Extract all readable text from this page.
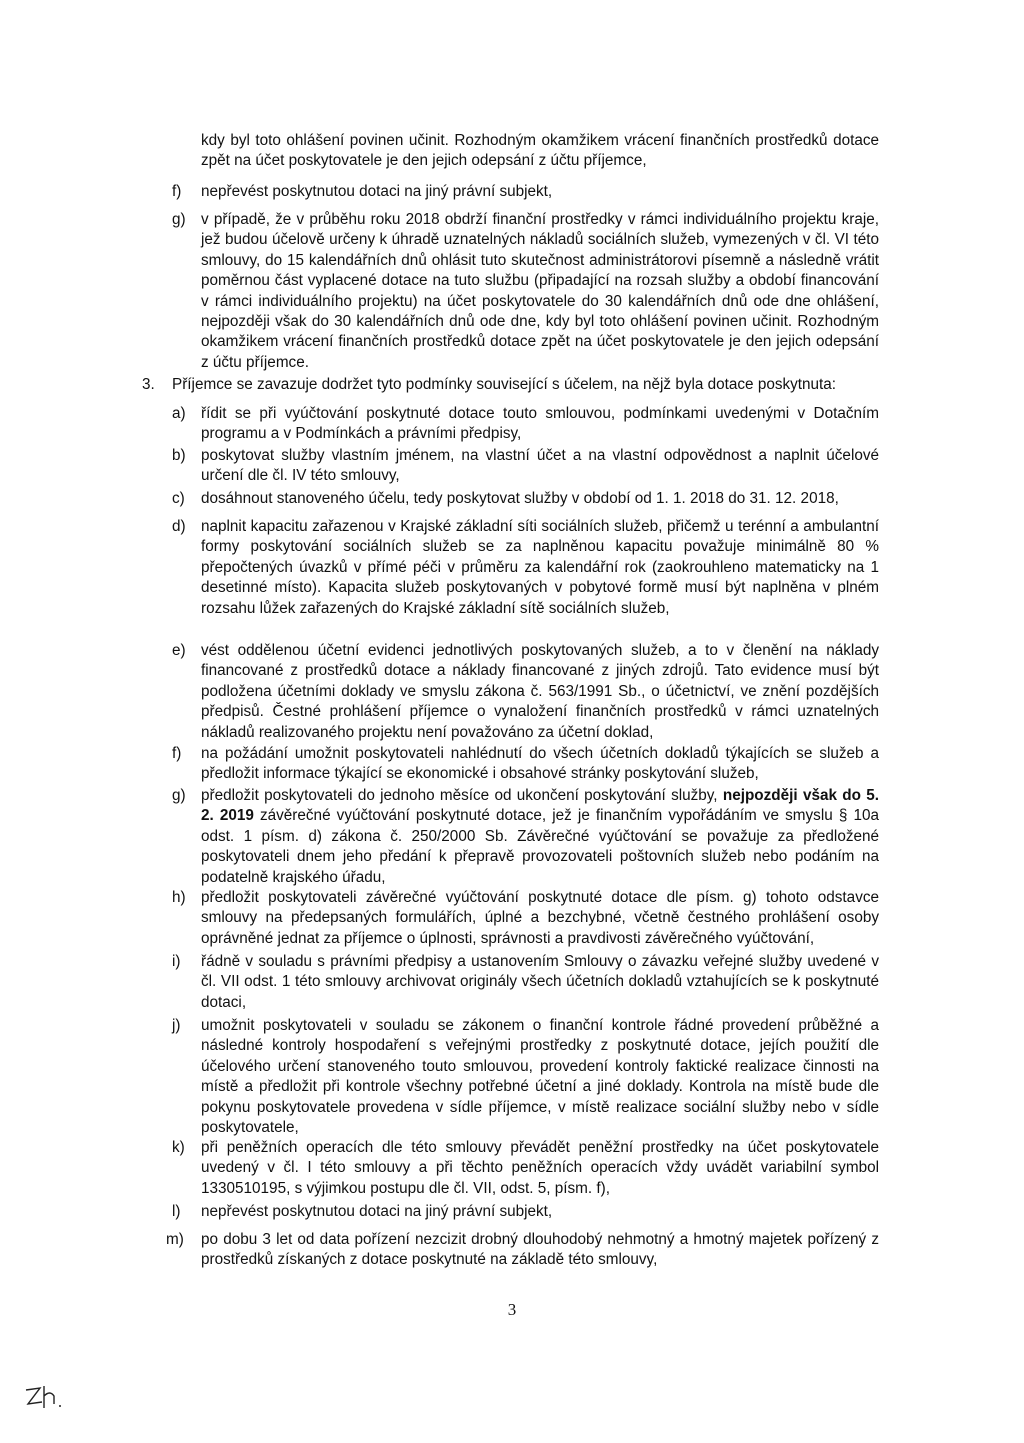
kdy byl toto ohlášení povinen učinit. Rozhodným okamžikem vrácení finančních prostředků dotace zpět na účet poskytovatele je den jejich odepsání z účtu příjemce,
f) nepřevést poskytnutou dotaci na jiný právní subjekt,
g) v případě, že v průběhu roku 2018 obdrží finanční prostředky v rámci individuálního projektu kraje, jež budou účelově určeny k úhradě uznatelných nákladů sociálních služeb, vymezených v čl. VI této smlouvy, do 15 kalendářních dnů ohlásit tuto skutečnost administrátorovi písemně a následně vrátit poměrnou část vyplacené dotace na tuto službu (připadající na rozsah služby a období financování v rámci individuálního projektu) na účet poskytovatele do 30 kalendářních dnů ode dne ohlášení, nejpozději však do 30 kalendářních dnů ode dne, kdy byl toto ohlášení povinen učinit. Rozhodným okamžikem vrácení finančních prostředků dotace zpět na účet poskytovatele je den jejich odepsání z účtu příjemce.
3. Příjemce se zavazuje dodržet tyto podmínky související s účelem, na nějž byla dotace poskytnuta:
a) řídit se při vyúčtování poskytnuté dotace touto smlouvou, podmínkami uvedenými v Dotačním programu a v Podmínkách a právními předpisy,
b) poskytovat služby vlastním jménem, na vlastní účet a na vlastní odpovědnost a naplnit účelové určení dle čl. IV této smlouvy,
c) dosáhnout stanoveného účelu, tedy poskytovat služby v období od 1. 1. 2018 do 31. 12. 2018,
d) naplnit kapacitu zařazenou v Krajské základní síti sociálních služeb, přičemž u terénní a ambulantní formy poskytování sociálních služeb se za naplněnou kapacitu považuje minimálně 80 % přepočtených úvazků v přímé péči v průměru za kalendářní rok (zaokrouhleno matematicky na 1 desetinné místo). Kapacita služeb poskytovaných v pobytové formě musí být naplněna v plném rozsahu lůžek zařazených do Krajské základní sítě sociálních služeb,
e) vést oddělenou účetní evidenci jednotlivých poskytovaných služeb, a to v členění na náklady financované z prostředků dotace a náklady financované z jiných zdrojů. Tato evidence musí být podložena účetními doklady ve smyslu zákona č. 563/1991 Sb., o účetnictví, ve znění pozdějších předpisů. Čestné prohlášení příjemce o vynaložení finančních prostředků v rámci uznatelných nákladů realizovaného projektu není považováno za účetní doklad,
f) na požádání umožnit poskytovateli nahlédnutí do všech účetních dokladů týkajících se služeb a předložit informace týkající se ekonomické i obsahové stránky poskytování služeb,
g) předložit poskytovateli do jednoho měsíce od ukončení poskytování služby, nejpozději však do 5. 2. 2019 závěrečné vyúčtování poskytnuté dotace, jež je finančním vypořádáním ve smyslu § 10a odst. 1 písm. d) zákona č. 250/2000 Sb. Závěrečné vyúčtování se považuje za předložené poskytovateli dnem jeho předání k přepravě provozovateli poštovních služeb nebo podáním na podatelně krajského úřadu,
h) předložit poskytovateli závěrečné vyúčtování poskytnuté dotace dle písm. g) tohoto odstavce smlouvy na předepsaných formulářích, úplné a bezchybné, včetně čestného prohlášení osoby oprávněné jednat za příjemce o úplnosti, správnosti a pravdivosti závěrečného vyúčtování,
i) řádně v souladu s právními předpisy a ustanovením Smlouvy o závazku veřejné služby uvedené v čl. VII odst. 1 této smlouvy archivovat originály všech účetních dokladů vztahujících se k poskytnuté dotaci,
j) umožnit poskytovateli v souladu se zákonem o finanční kontrole řádné provedení průběžné a následné kontroly hospodaření s veřejnými prostředky z poskytnuté dotace, jejích použití dle účelového určení stanoveného touto smlouvou, provedení kontroly faktické realizace činnosti na místě a předložit při kontrole všechny potřebné účetní a jiné doklady. Kontrola na místě bude dle pokynu poskytovatele provedena v sídle příjemce, v místě realizace sociální služby nebo v sídle poskytovatele,
k) při peněžních operacích dle této smlouvy převádět peněžní prostředky na účet poskytovatele uvedený v čl. I této smlouvy a při těchto peněžních operacích vždy uvádět variabilní symbol 1330510195, s výjimkou postupu dle čl. VII, odst. 5, písm. f),
l) nepřevést poskytnutou dotaci na jiný právní subjekt,
m) po dobu 3 let od data pořízení nezcizit drobný dlouhodobý nehmotný a hmotný majetek pořízený z prostředků získaných z dotace poskytnuté na základě této smlouvy,
3
